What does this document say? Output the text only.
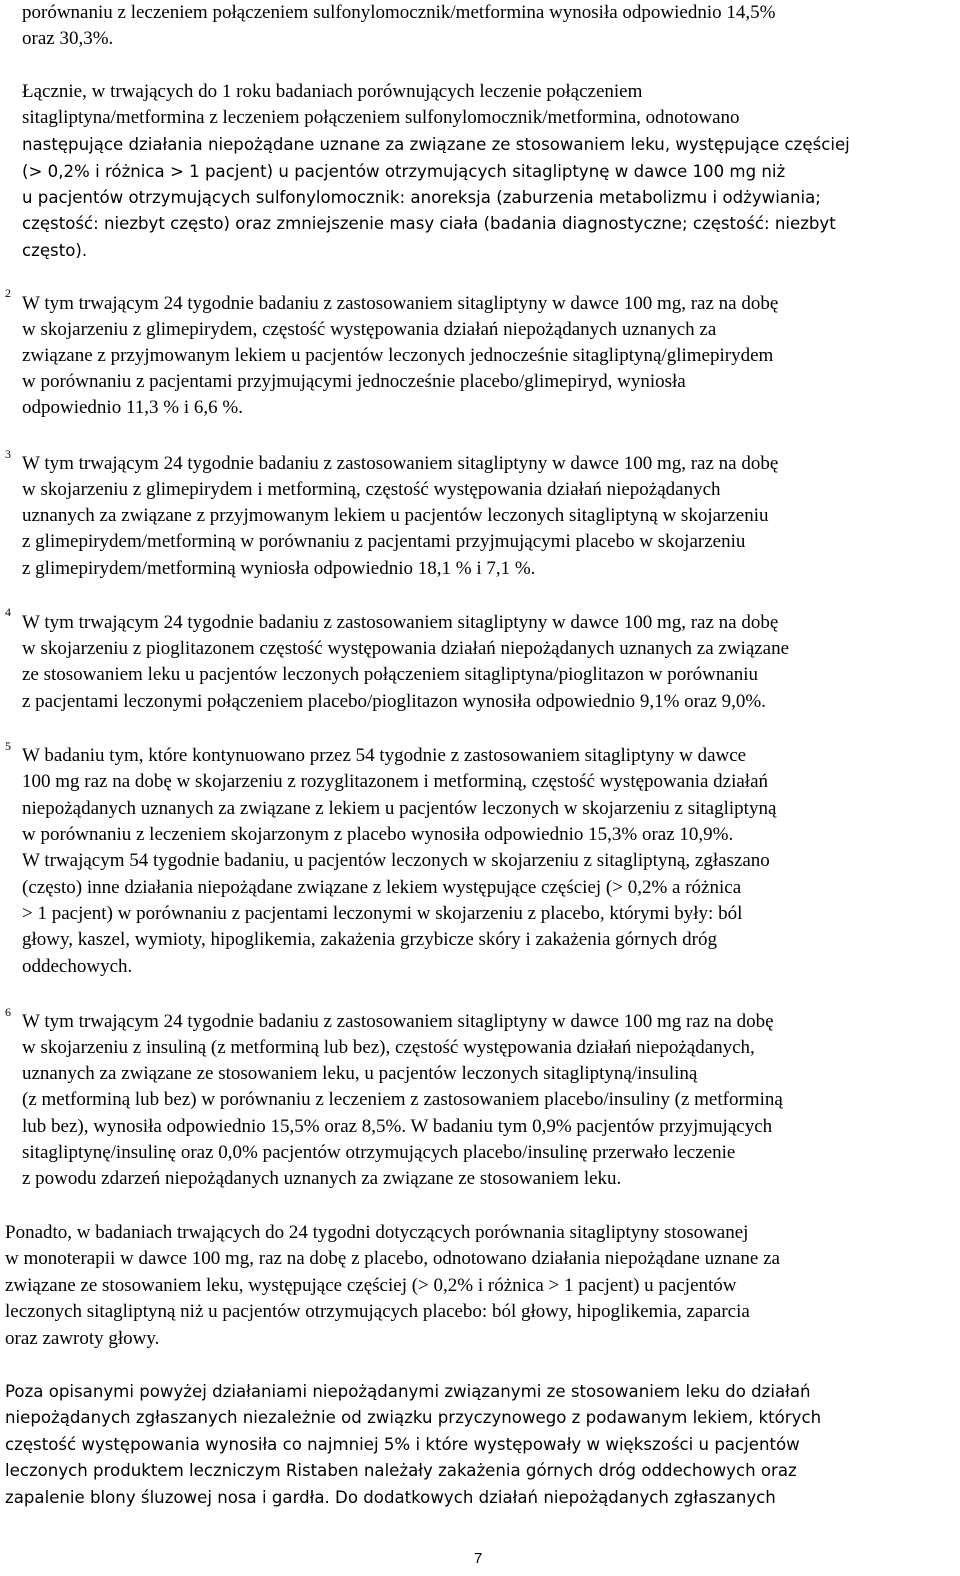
porównaniu z leczeniem połączeniem sulfonylomocznik/metformina wynosiła odpowiednio 14,5%
oraz 30,3%.
Łącznie, w trwających do 1 roku badaniach porównujących leczenie połączeniem
sitagliptyna/metformina z leczeniem połączeniem sulfonylomocznik/metformina, odnotowano
następujące działania niepożądane uznane za związane ze stosowaniem leku, występujące częściej
(> 0,2% i różnica > 1 pacjent) u pacjentów otrzymujących sitagliptynę w dawce 100 mg niż
u pacjentów otrzymujących sulfonylomocznik: anoreksja (zaburzenia metabolizmu i odżywiania;
częstość: niezbyt często) oraz zmniejszenie masy ciała (badania diagnostyczne; częstość: niezbyt
często).
2 W tym trwającym 24 tygodnie badaniu z zastosowaniem sitagliptyny w dawce 100 mg, raz na dobę
w skojarzeniu z glimepirydem, częstość występowania działań niepożądanych uznanych za
związane z przyjmowanym lekiem u pacjentów leczonych jednocześnie sitagliptyną/glimepirydem
w porównaniu z pacjentami przyjmującymi jednocześnie placebo/glimepiryd, wyniosła
odpowiednio 11,3 % i 6,6 %.
3 W tym trwającym 24 tygodnie badaniu z zastosowaniem sitagliptyny w dawce 100 mg, raz na dobę
w skojarzeniu z glimepirydem i metforminą, częstość występowania działań niepożądanych
uznanych za związane z przyjmowanym lekiem u pacjentów leczonych sitagliptyną w skojarzeniu
z glimepirydem/metforminą w porównaniu z pacjentami przyjmującymi placebo w skojarzeniu
z glimepirydem/metforminą wyniosła odpowiednio 18,1 % i 7,1 %.
4 W tym trwającym 24 tygodnie badaniu z zastosowaniem sitagliptyny w dawce 100 mg, raz na dobę
w skojarzeniu z pioglitazonem częstość występowania działań niepożądanych uznanych za związane
ze stosowaniem leku u pacjentów leczonych połączeniem sitagliptyna/pioglitazon w porównaniu
z pacjentami leczonymi połączeniem placebo/pioglitazon wynosiła odpowiednio 9,1% oraz 9,0%.
5 W badaniu tym, które kontynuowano przez 54 tygodnie z zastosowaniem sitagliptyny w dawce
100 mg raz na dobę w skojarzeniu z rozyglitazonem i metforminą, częstość występowania działań
niepożądanych uznanych za związane z lekiem u pacjentów leczonych w skojarzeniu z sitagliptyną
w porównaniu z leczeniem skojarzonym z placebo wynosiła odpowiednio 15,3% oraz 10,9%.
W trwającym 54 tygodnie badaniu, u pacjentów leczonych w skojarzeniu z sitagliptyną, zgłaszano
(często) inne działania niepożądane związane z lekiem występujące częściej (> 0,2% a różnica
> 1 pacjent) w porównaniu z pacjentami leczonymi w skojarzeniu z placebo, którymi były: ból
głowy, kaszel, wymioty, hipoglikemia, zakażenia grzybicze skóry i zakażenia górnych dróg
oddechowych.
6 W tym trwającym 24 tygodnie badaniu z zastosowaniem sitagliptyny w dawce 100 mg raz na dobę
w skojarzeniu z insuliną (z metforminą lub bez), częstość występowania działań niepożądanych,
uznanych za związane ze stosowaniem leku, u pacjentów leczonych sitagliptyną/insuliną
(z metforminą lub bez) w porównaniu z leczeniem z zastosowaniem placebo/insuliny (z metforminą
lub bez), wynosiła odpowiednio 15,5% oraz 8,5%. W badaniu tym 0,9% pacjentów przyjmujących
sitagliptynę/insulinę oraz 0,0% pacjentów otrzymujących placebo/insulinę przerwało leczenie
z powodu zdarzeń niepożądanych uznanych za związane ze stosowaniem leku.
Ponadto, w badaniach trwających do 24 tygodni dotyczących porównania sitagliptyny stosowanej
w monoterapii w dawce 100 mg, raz na dobę z placebo, odnotowano działania niepożądane uznane za
związane ze stosowaniem leku, występujące częściej (> 0,2% i różnica > 1 pacjent) u pacjentów
leczonych sitagliptyną niż u pacjentów otrzymujących placebo: ból głowy, hipoglikemia, zaparcia
oraz zawroty głowy.
Poza opisanymi powyżej działaniami niepożądanymi związanymi ze stosowaniem leku do działań
niepożądanych zgłaszanych niezależnie od związku przyczynowego z podawanym lekiem, których
częstość występowania wynosiła co najmniej 5% i które występowały w większości u pacjentów
leczonych produktem leczniczym Ristaben należały zakażenia górnych dróg oddechowych oraz
zapalenie blony śluzowej nosa i gardła. Do dodatkowych działań niepożądanych zgłaszanych
7
